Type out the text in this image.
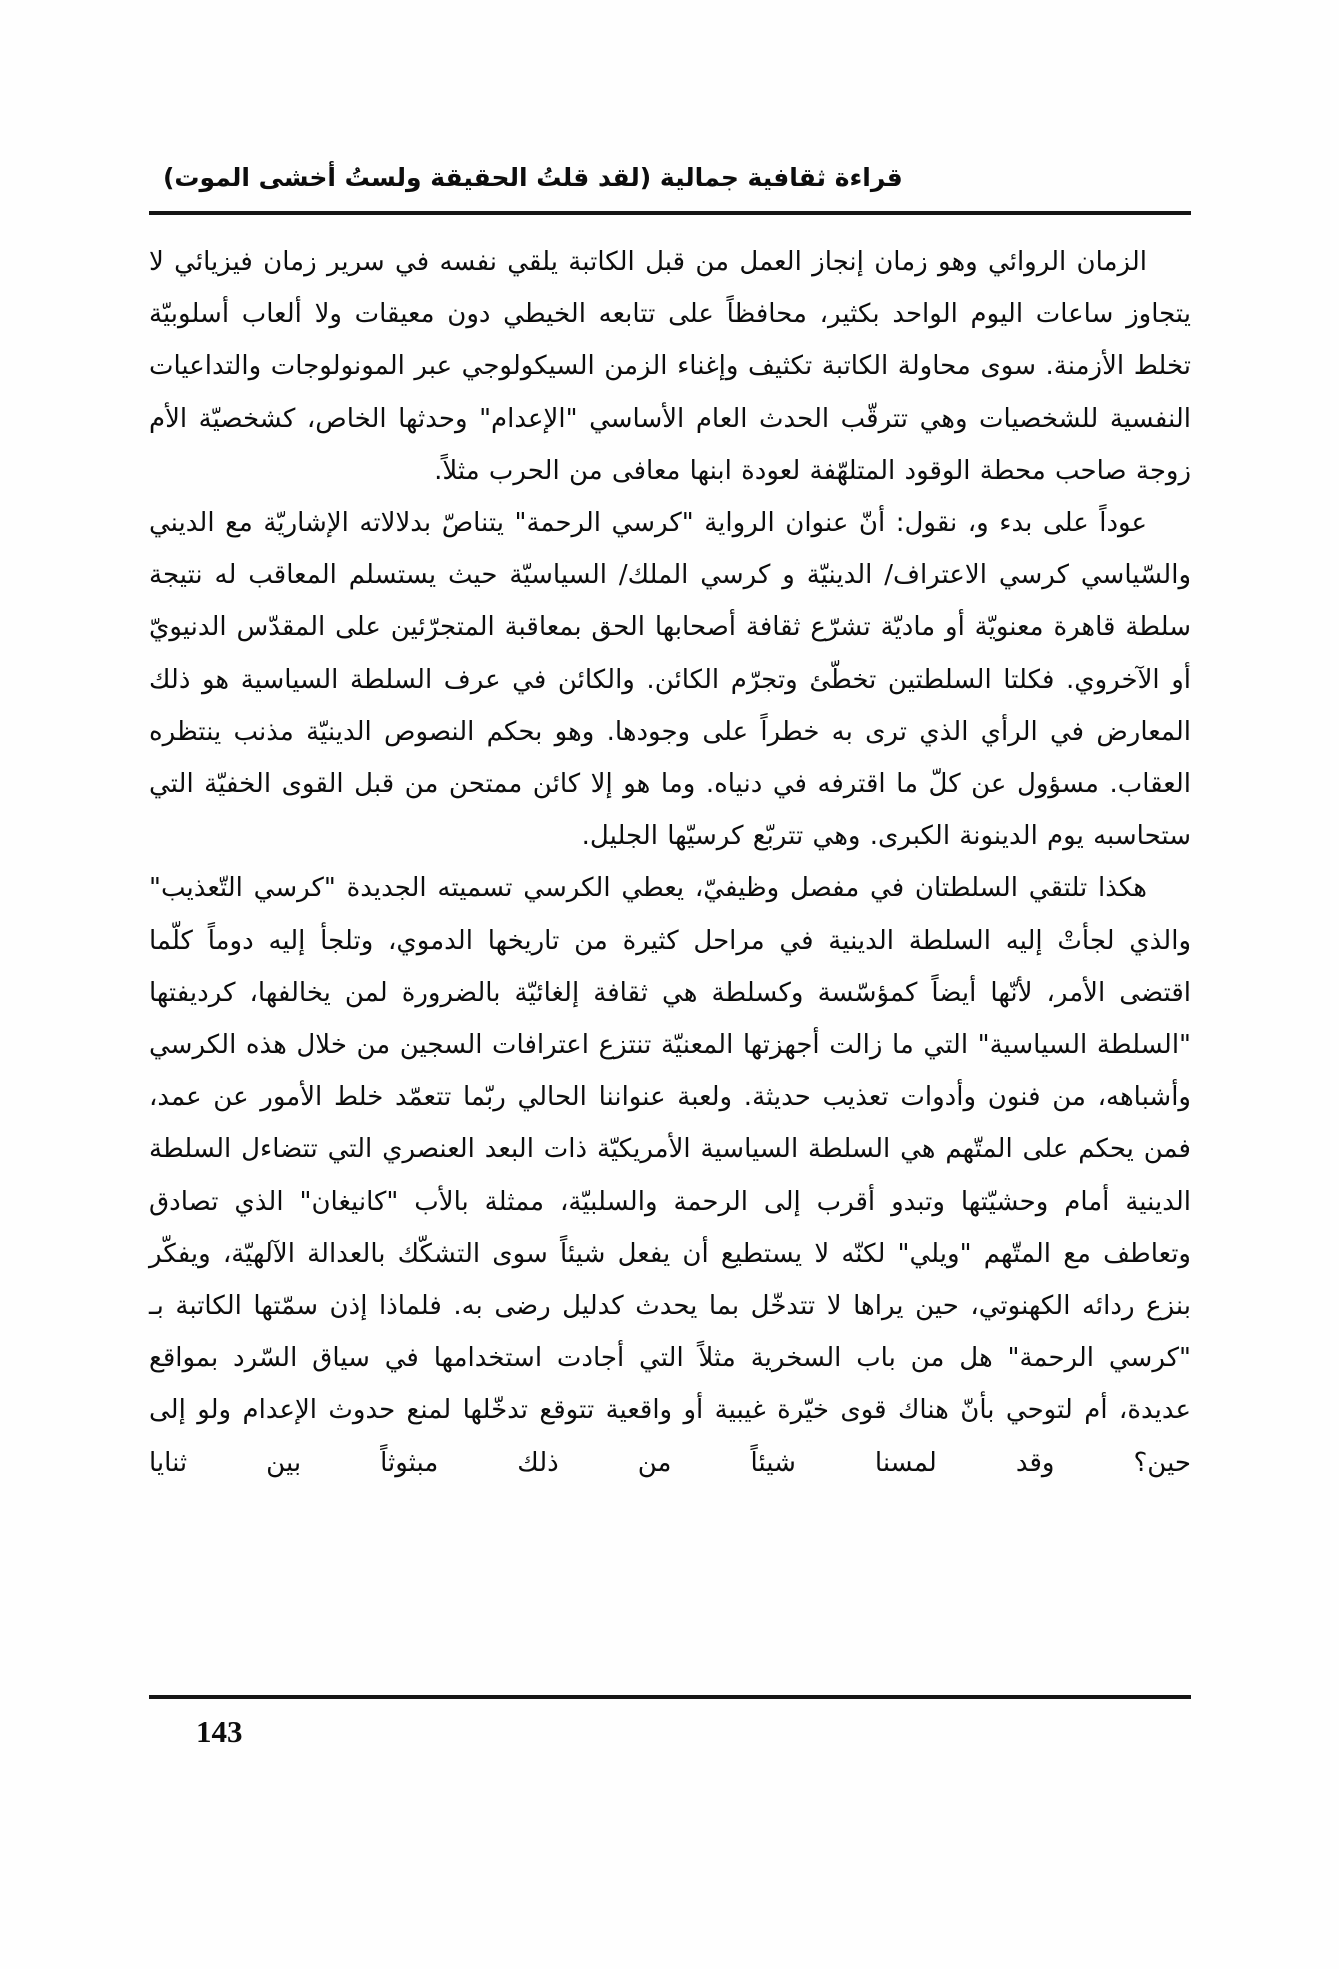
قراءة ثقافية جمالية (لقد قلتُ الحقيقة ولستُ أخشى الموت)

الزمان الروائي وهو زمان إنجاز العمل من قبل الكاتبة يلقي نفسه في سرير زمان فيزيائي لا يتجاوز ساعات اليوم الواحد بكثير، محافظاً على تتابعه الخيطي دون معيقات ولا ألعاب أسلوبيّة تخلط الأزمنة. سوى محاولة الكاتبة تكثيف وإغناء الزمن السيكولوجي عبر المونولوجات والتداعيات النفسية للشخصيات وهي تترقّب الحدث العام الأساسي "الإعدام" وحدثها الخاص، كشخصيّة الأم زوجة صاحب محطة الوقود المتلهّفة لعودة ابنها معافى من الحرب مثلاً.

عوداً على بدء و، نقول: أنّ عنوان الرواية "كرسي الرحمة" يتناصّ بدلالاته الإشاريّة مع الديني والسّياسي كرسي الاعتراف/ الدينيّة و كرسي الملك/ السياسيّة حيث يستسلم المعاقب له نتيجة سلطة قاهرة معنويّة أو ماديّة تشرّع ثقافة أصحابها الحق بمعاقبة المتجرّئين على المقدّس الدنيويّ أو الآخروي. فكلتا السلطتين تخطّئ وتجرّم الكائن. والكائن في عرف السلطة السياسية هو ذلك المعارض في الرأي الذي ترى به خطراً على وجودها. وهو بحكم النصوص الدينيّة مذنب ينتظره العقاب. مسؤول عن كلّ ما اقترفه في دنياه. وما هو إلا كائن ممتحن من قبل القوى الخفيّة التي ستحاسبه يوم الدينونة الكبرى. وهي تتربّع كرسيّها الجليل.

هكذا تلتقي السلطتان في مفصل وظيفيّ، يعطي الكرسي تسميته الجديدة "كرسي التّعذيب" والذي لجأتْ إليه السلطة الدينية في مراحل كثيرة من تاريخها الدموي، وتلجأ إليه دوماً كلّما اقتضى الأمر، لأنّها أيضاً كمؤسّسة وكسلطة هي ثقافة إلغائيّة بالضرورة لمن يخالفها، كرديفتها "السلطة السياسية" التي ما زالت أجهزتها المعنيّة تنتزع اعترافات السجين من خلال هذه الكرسي وأشباهه، من فنون وأدوات تعذيب حديثة. ولعبة عنواننا الحالي ربّما تتعمّد خلط الأمور عن عمد، فمن يحكم على المتّهم هي السلطة السياسية الأمريكيّة ذات البعد العنصري التي تتضاءل السلطة الدينية أمام وحشيّتها وتبدو أقرب إلى الرحمة والسلبيّة، ممثلة بالأب "كانيغان" الذي تصادق وتعاطف مع المتّهم "ويلي" لكنّه لا يستطيع أن يفعل شيئاً سوى التشكّك بالعدالة الآلهيّة، ويفكّر بنزع ردائه الكهنوتي، حين يراها لا تتدخّل بما يحدث كدليل رضى به. فلماذا إذن سمّتها الكاتبة بـ "كرسي الرحمة" هل من باب السخرية مثلاً التي أجادت استخدامها في سياق السّرد بمواقع عديدة، أم لتوحي بأنّ هناك قوى خيّرة غيبية أو واقعية تتوقع تدخّلها لمنع حدوث الإعدام ولو إلى حين؟ وقد لمسنا شيئاً من ذلك مبثوثاً بين ثنايا

143
